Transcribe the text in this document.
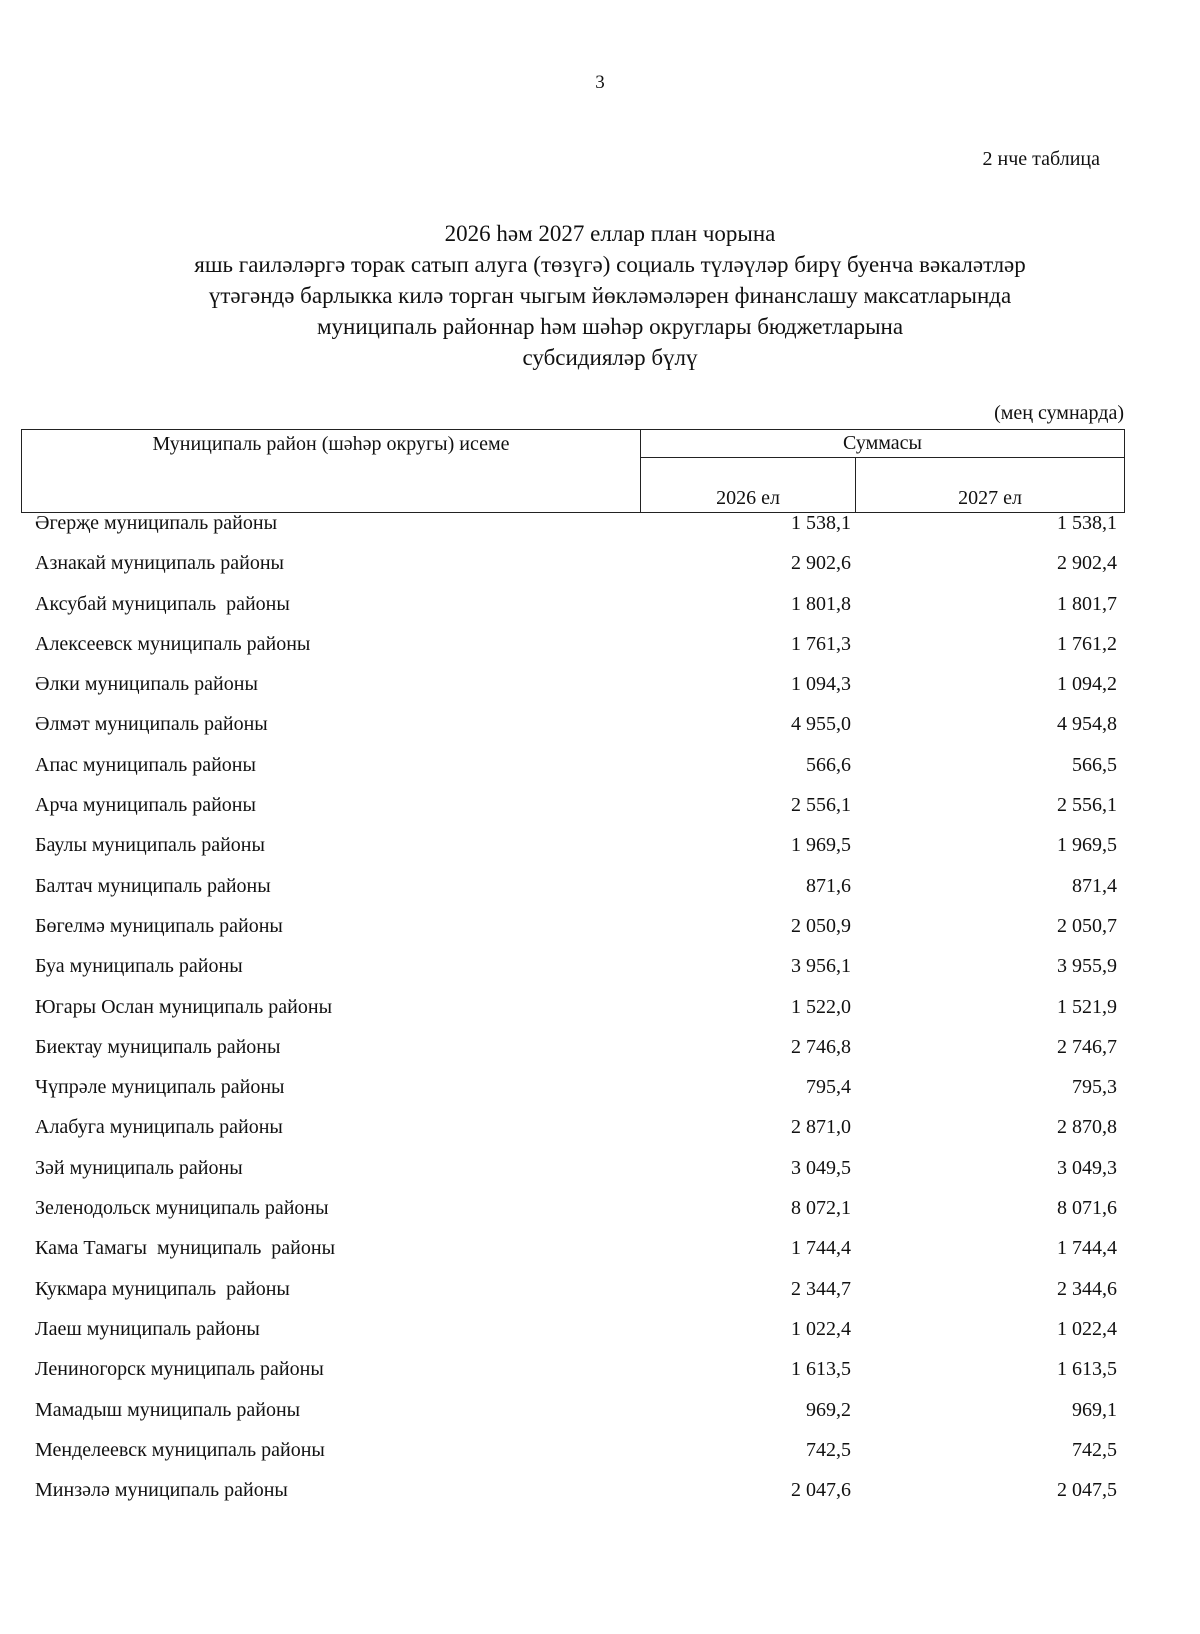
3
2 нче таблица
2026 һәм 2027 еллар план чорына
яшь гаиләләргә торак сатып алуга (төзүгә) социаль түләүләр бирү буенча вәкаләтләр
үтәгәндә барлыкка килә торган чыгым йөкләмәләрен финанслашу максатларында
муниципаль районнар һәм шәһәр округлары бюджетларына
субсидияләр бүлү
(мең сумнарда)
Муниципаль район (шәһәр округы) исеме	Суммасы	
	2026 ел	2027 ел
Әгерҗе муниципаль районы	1 538,1	1 538,1
Азнакай муниципаль районы	2 902,6	2 902,4
Аксубай муниципаль  районы	1 801,8	1 801,7
Алексеевск муниципаль районы	1 761,3	1 761,2
Әлки муниципаль районы	1 094,3	1 094,2
Әлмәт муниципаль районы	4 955,0	4 954,8
Апас муниципаль районы	566,6	566,5
Арча муниципаль районы	2 556,1	2 556,1
Баулы муниципаль районы	1 969,5	1 969,5
Балтач муниципаль районы	871,6	871,4
Бөгелмә муниципаль районы	2 050,9	2 050,7
Буа муниципаль районы	3 956,1	3 955,9
Югары Ослан муниципаль районы	1 522,0	1 521,9
Биектау муниципаль районы	2 746,8	2 746,7
Чүпрәле муниципаль районы	795,4	795,3
Алабуга муниципаль районы	2 871,0	2 870,8
Зәй муниципаль районы	3 049,5	3 049,3
Зеленодольск муниципаль районы	8 072,1	8 071,6
Кама Тамагы  муниципаль  районы	1 744,4	1 744,4
Кукмара муниципаль  районы	2 344,7	2 344,6
Лаеш муниципаль районы	1 022,4	1 022,4
Лениногорск муниципаль районы	1 613,5	1 613,5
Мамадыш муниципаль районы	969,2	969,1
Менделеевск муниципаль районы	742,5	742,5
Минзәлә муниципаль районы	2 047,6	2 047,5
